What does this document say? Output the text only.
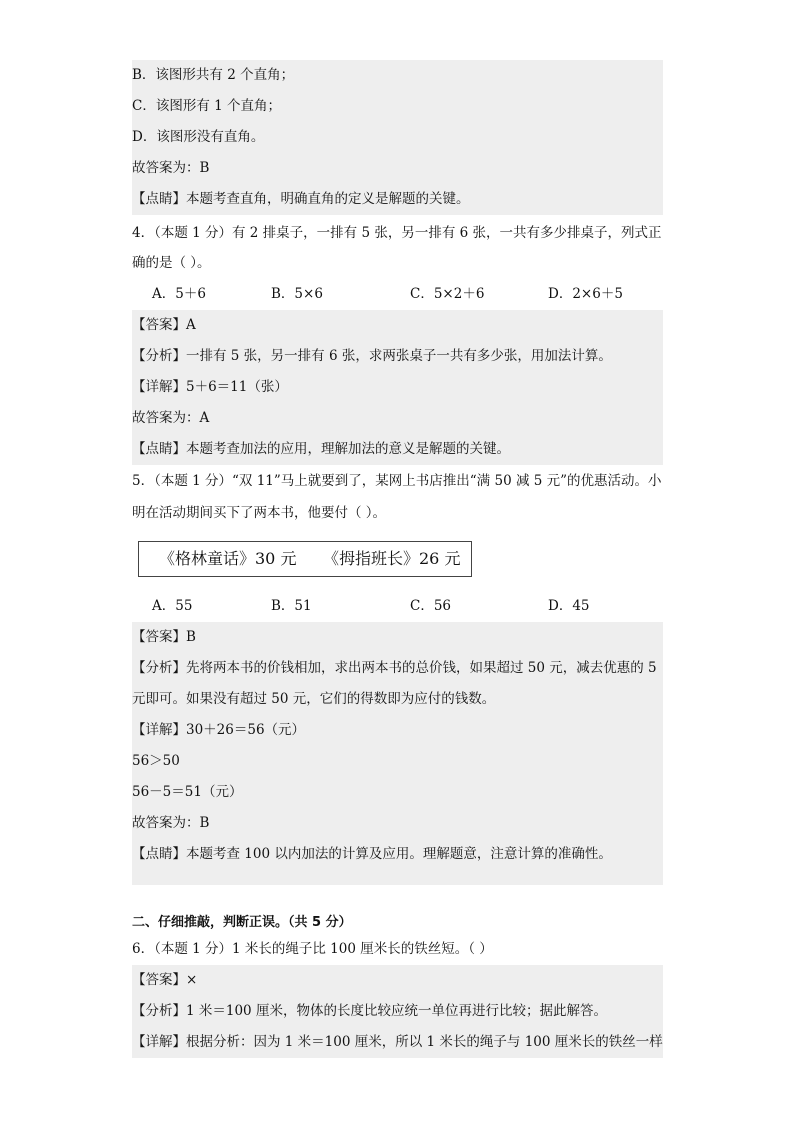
B．该图形共有 2 个直角；
C．该图形有 1 个直角；
D．该图形没有直角。
故答案为：B
【点睛】本题考查直角，明确直角的定义是解题的关键。
4．（本题 1 分）有 2 排桌子，一排有 5 张，另一排有 6 张，一共有多少排桌子，列式正
确的是（ ）。
A．5＋6	B．5×6	C．5×2＋6	D．2×6＋5
【答案】A
【分析】一排有 5 张，另一排有 6 张，求两张桌子一共有多少张，用加法计算。
【详解】5＋6＝11（张）
故答案为：A
【点睛】本题考查加法的应用，理解加法的意义是解题的关键。
5．（本题 1 分）“双 11”马上就要到了，某网上书店推出“满 50 减 5 元”的优惠活动。小
明在活动期间买下了两本书，他要付（ ）。
《格林童话》30 元 《拇指班长》26 元
A．55	B．51	C．56	D．45
【答案】B
【分析】先将两本书的价钱相加，求出两本书的总价钱，如果超过 50 元，减去优惠的 5
元即可。如果没有超过 50 元，它们的得数即为应付的钱数。
【详解】30＋26＝56（元）
56＞50
56－5＝51（元）
故答案为：B
【点睛】本题考查 100 以内加法的计算及应用。理解题意，注意计算的准确性。
二、仔细推敲，判断正误。（共 5 分）
6．（本题 1 分）1 米长的绳子比 100 厘米长的铁丝短。（ ）
【答案】×
【分析】1 米＝100 厘米，物体的长度比较应统一单位再进行比较；据此解答。
【详解】根据分析：因为 1 米＝100 厘米，所以 1 米长的绳子与 100 厘米长的铁丝一样
